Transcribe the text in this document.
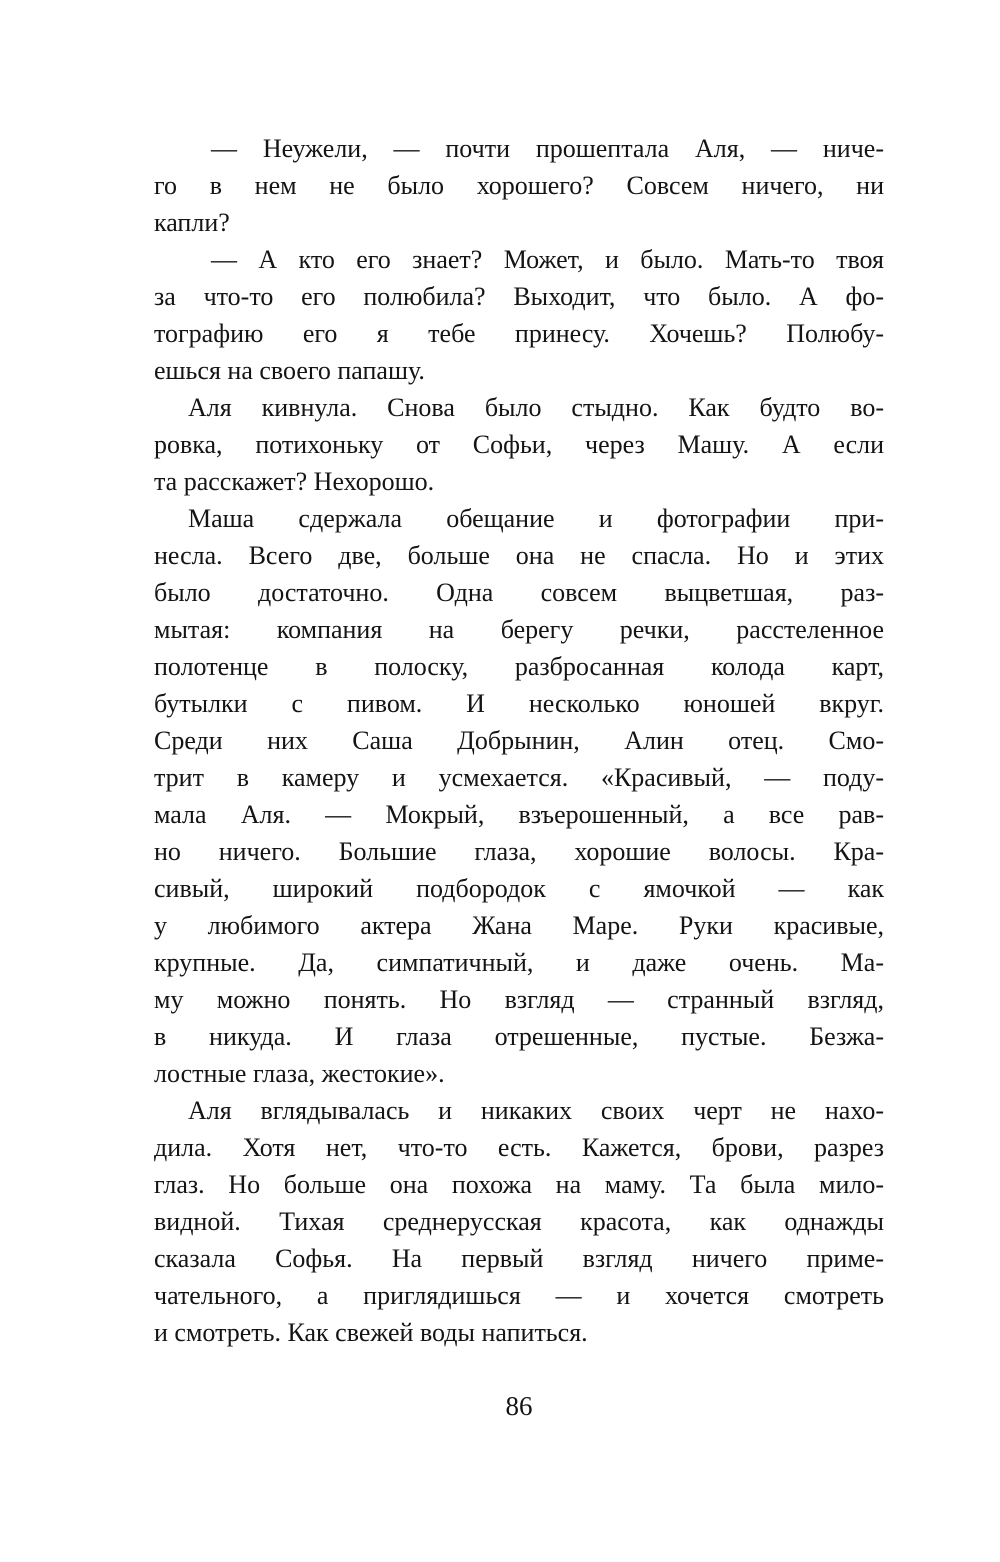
— Неужели, — почти прошептала Аля, — ниче-
го в нем не было хорошего? Совсем ничего, ни
капли?
— А кто его знает? Может, и было. Мать-то твоя
за что-то его полюбила? Выходит, что было. А фо-
тографию его я тебе принесу. Хочешь? Полюбу-
ешься на своего папашу.
Аля кивнула. Снова было стыдно. Как будто во-
ровка, потихоньку от Софьи, через Машу. А если
та расскажет? Нехорошо.
Маша сдержала обещание и фотографии при-
несла. Всего две, больше она не спасла. Но и этих
было достаточно. Одна совсем выцветшая, раз-
мытая: компания на берегу речки, расстеленное
полотенце в полоску, разбросанная колода карт,
бутылки с пивом. И несколько юношей вкруг.
Среди них Саша Добрынин, Алин отец. Смо-
трит в камеру и усмехается. «Красивый, — поду-
мала Аля. — Мокрый, взъерошенный, а все рав-
но ничего. Большие глаза, хорошие волосы. Кра-
сивый, широкий подбородок с ямочкой — как
у любимого актера Жана Маре. Руки красивые,
крупные. Да, симпатичный, и даже очень. Ма-
му можно понять. Но взгляд — странный взгляд,
в никуда. И глаза отрешенные, пустые. Безжа-
лостные глаза, жестокие».
Аля вглядывалась и никаких своих черт не нахо-
дила. Хотя нет, что-то есть. Кажется, брови, разрез
глаз. Но больше она похожа на маму. Та была мило-
видной. Тихая среднерусская красота, как однажды
сказала Софья. На первый взгляд ничего приме-
чательного, а приглядишься — и хочется смотреть
и смотреть. Как свежей воды напиться.
86
